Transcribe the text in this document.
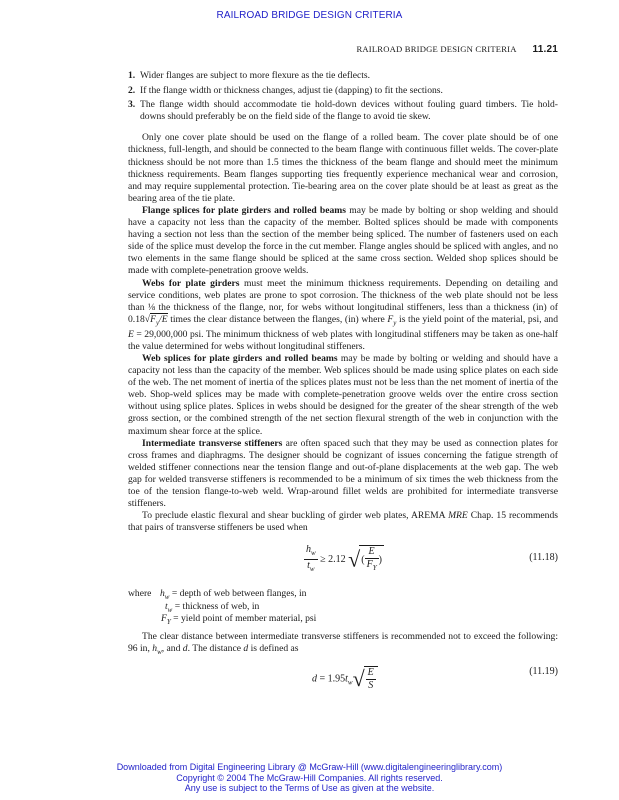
RAILROAD BRIDGE DESIGN CRITERIA
RAILROAD BRIDGE DESIGN CRITERIA 11.21
1. Wider flanges are subject to more flexure as the tie deflects.
2. If the flange width or thickness changes, adjust tie (dapping) to fit the sections.
3. The flange width should accommodate tie hold-down devices without fouling guard timbers. Tie hold-downs should preferably be on the field side of the flange to avoid tie skew.

Only one cover plate should be used on the flange of a rolled beam. The cover plate should be of one thickness, full-length, and should be connected to the beam flange with continuous fillet welds. The cover-plate thickness should be not more than 1.5 times the thickness of the beam flange and should meet the minimum thickness requirements. Beam flanges supporting ties frequently experience mechanical wear and corrosion, and may require supplemental protection. Tie-bearing area on the cover plate should be at least as great as the bearing area of the tie plate.

Flange splices for plate girders and rolled beams may be made by bolting or shop welding and should have a capacity not less than the capacity of the member. Bolted splices should be made with components having a section not less than the section of the member being spliced. The number of fasteners used on each side of the splice must develop the force in the cut member. Flange angles should be spliced with angles, and no two elements in the same flange should be spliced at the same cross section. Welded shop splices should be made with complete-penetration groove welds.

Webs for plate girders must meet the minimum thickness requirements. Depending on detailing and service conditions, web plates are prone to spot corrosion. The thickness of the web plate should not be less than ⅛ the thickness of the flange, nor, for webs without longitudinal stiffeners, less than a thickness (in) of $0.18√F_y/E$ times the clear distance between the flanges, (in) where $F_y$ is the yield point of the material, psi, and E = 29,000,000 psi. The minimum thickness of web plates with longitudinal stiffeners may be taken as one-half the value determined for webs without longitudinal stiffeners.

Web splices for plate girders and rolled beams may be made by bolting or welding and should have a capacity not less than the capacity of the member. Web splices should be made using splice plates on each side of the web. The net moment of inertia of the splices plates must not be less than the net moment of inertia of the web. Shop-weld splices may be made with complete-penetration groove welds over the entire cross section without using splice plates. Splices in webs should be designed for the greater of the shear strength of the web gross section, or the combined strength of the net section flexural strength of the web in conjunction with the maximum shear force at the splice.

Intermediate transverse stiffeners are often spaced such that they may be used as connection plates for cross frames and diaphragms. The designer should be cognizant of issues concerning the fatigue strength of welded stiffener connections near the tension flange and out-of-plane displacements at the web gap. The web gap for welded transverse stiffeners is recommended to be a minimum of six times the web thickness from the toe of the tension flange-to-web weld. Wrap-around fillet welds are prohibited for intermediate transverse stiffeners.

To preclude elastic flexural and shear buckling of girder web plates, AREMA MRE Chap. 15 recommends that pairs of transverse stiffeners be used when

$\frac{h_w}{t_w} \ge 2.12$ √( $\frac{E}{F_Y}$ )	(11.18)
where $h_w$ = depth of web between flanges, in
$t_w$ = thickness of web, in
$F_Y$ = yield point of member material, psi

The clear distance between intermediate transverse stiffeners is recommended not to exceed the following: 96 in, $h_w$, and d. The distance d is defined as

$d = 1.95t_w√ \frac{E}{S}$	(11.19)
Downloaded from Digital Engineering Library @ McGraw-Hill (www.digitalengineeringlibrary.com)
Copyright © 2004 The McGraw-Hill Companies. All rights reserved.
Any use is subject to the Terms of Use as given at the website.
